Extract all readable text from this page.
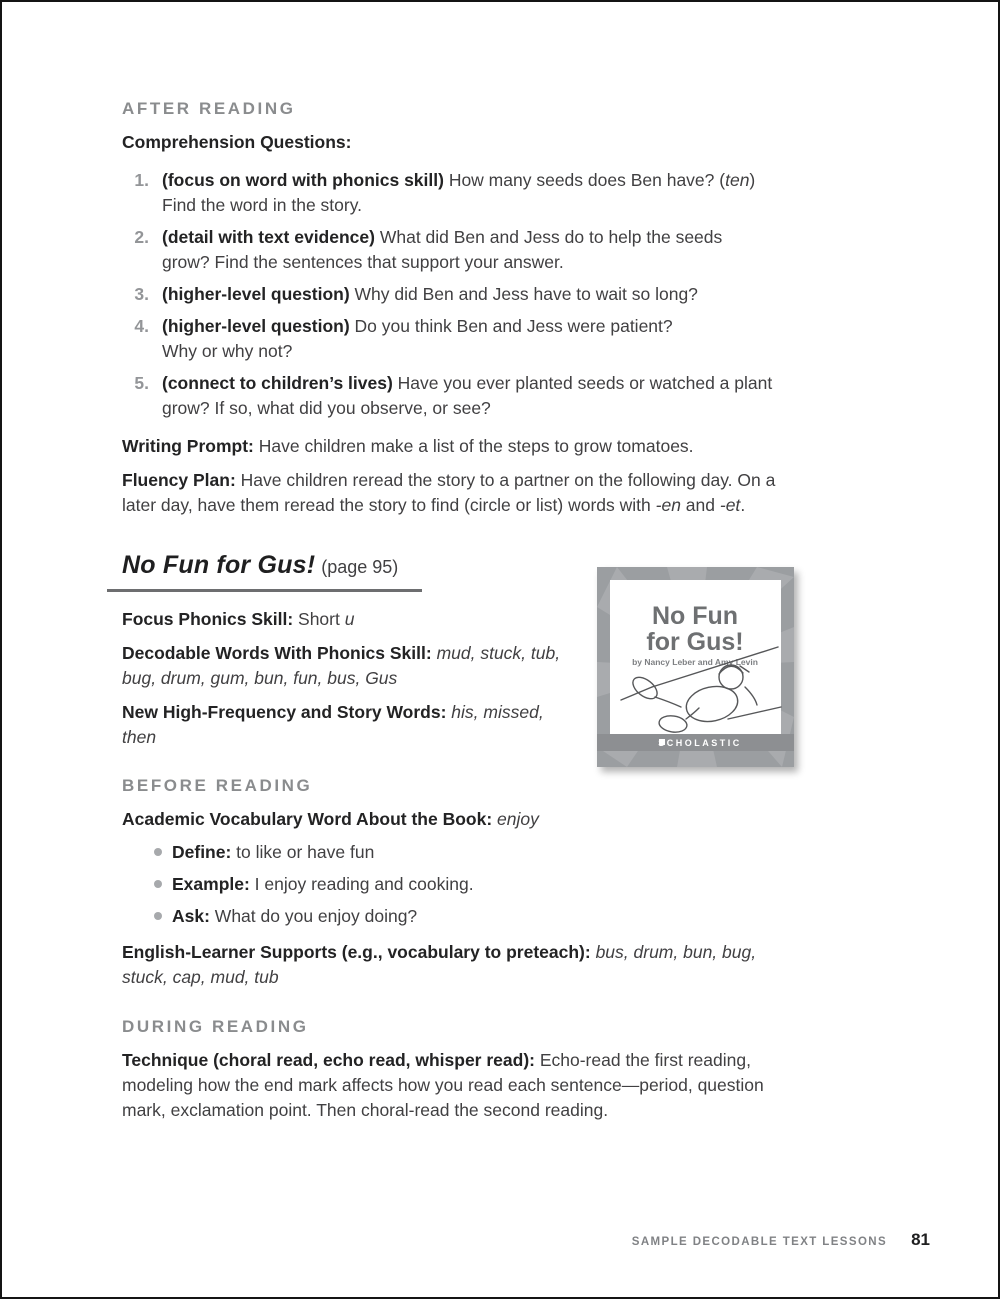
AFTER READING

Comprehension Questions:

1. (focus on word with phonics skill) How many seeds does Ben have? (ten) Find the word in the story.
2. (detail with text evidence) What did Ben and Jess do to help the seeds grow? Find the sentences that support your answer.
3. (higher-level question) Why did Ben and Jess have to wait so long?
4. (higher-level question) Do you think Ben and Jess were patient? Why or why not?
5. (connect to children’s lives) Have you ever planted seeds or watched a plant grow? If so, what did you observe, or see?

Writing Prompt: Have children make a list of the steps to grow tomatoes.

Fluency Plan: Have children reread the story to a partner on the following day. On a later day, have them reread the story to find (circle or list) words with -en and -et.

No Fun for Gus! (page 95)

Focus Phonics Skill: Short u

Decodable Words With Phonics Skill: mud, stuck, tub, bug, drum, gum, bun, fun, bus, Gus

New High-Frequency and Story Words: his, missed, then

No Fun
for Gus!
by Nancy Leber and Amy Levin
SCHOLASTIC
BEFORE READING

Academic Vocabulary Word About the Book: enjoy

Define: to like or have fun
Example: I enjoy reading and cooking.
Ask: What do you enjoy doing?

English-Learner Supports (e.g., vocabulary to preteach): bus, drum, bun, bug, stuck, cap, mud, tub

DURING READING

Technique (choral read, echo read, whisper read): Echo-read the first reading, modeling how the end mark affects how you read each sentence—period, question mark, exclamation point. Then choral-read the second reading.

SAMPLE DECODABLE TEXT LESSONS 81
